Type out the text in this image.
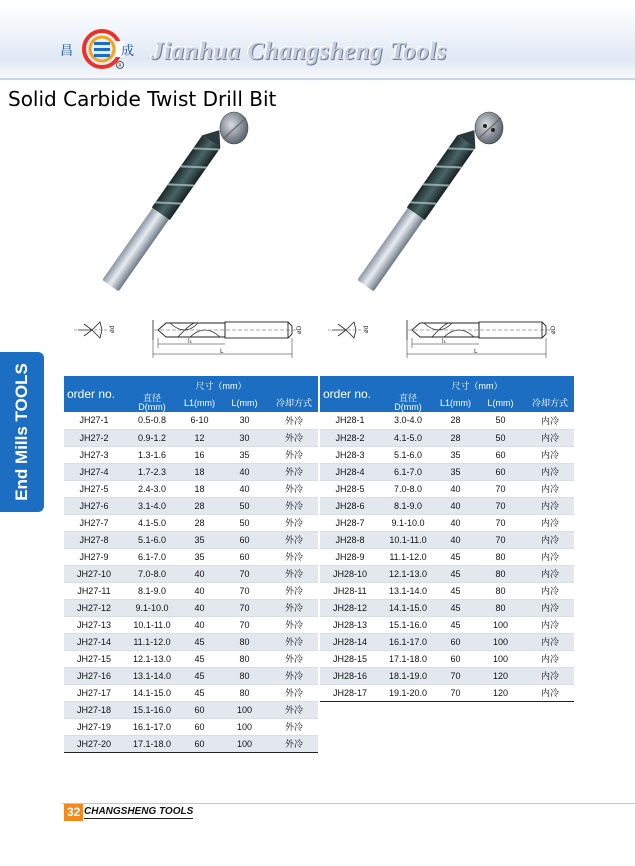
昌	成
R
Jianhua Changsheng Tools
Solid Carbide Twist Drill Bit
End Mills TOOLS
ød	øD
l₁
L
ød	øD
l₁
L
order no.	尺寸（mm）			
	直径
D(mm)	L1(mm)	L(mm)	冷却方式
JH27-1	0.5-0.8	6-10	30	外冷
JH27-2	0.9-1.2	12	30	外冷
JH27-3	1.3-1.6	16	35	外冷
JH27-4	1.7-2.3	18	40	外冷
JH27-5	2.4-3.0	18	40	外冷
JH27-6	3.1-4.0	28	50	外冷
JH27-7	4.1-5.0	28	50	外冷
JH27-8	5.1-6.0	35	60	外冷
JH27-9	6.1-7.0	35	60	外冷
JH27-10	7.0-8.0	40	70	外冷
JH27-11	8.1-9.0	40	70	外冷
JH27-12	9.1-10.0	40	70	外冷
JH27-13	10.1-11.0	40	70	外冷
JH27-14	11.1-12.0	45	80	外冷
JH27-15	12.1-13.0	45	80	外冷
JH27-16	13.1-14.0	45	80	外冷
JH27-17	14.1-15.0	45	80	外冷
JH27-18	15.1-16.0	60	100	外冷
JH27-19	16.1-17.0	60	100	外冷
JH27-20	17.1-18.0	60	100	外冷
order no.	尺寸（mm）			
	直径
D(mm)	L1(mm)	L(mm)	冷却方式
JH28-1	3.0-4.0	28	50	内冷
JH28-2	4.1-5.0	28	50	内冷
JH28-3	5.1-6.0	35	60	内冷
JH28-4	6.1-7.0	35	60	内冷
JH28-5	7.0-8.0	40	70	内冷
JH28-6	8.1-9.0	40	70	内冷
JH28-7	9.1-10.0	40	70	内冷
JH28-8	10.1-11.0	40	70	内冷
JH28-9	11.1-12.0	45	80	内冷
JH28-10	12.1-13.0	45	80	内冷
JH28-11	13.1-14.0	45	80	内冷
JH28-12	14.1-15.0	45	80	内冷
JH28-13	15.1-16.0	45	100	内冷
JH28-14	16.1-17.0	60	100	内冷
JH28-15	17.1-18.0	60	100	内冷
JH28-16	18.1-19.0	70	120	内冷
JH28-17	19.1-20.0	70	120	内冷
32 CHANGSHENG TOOLS
